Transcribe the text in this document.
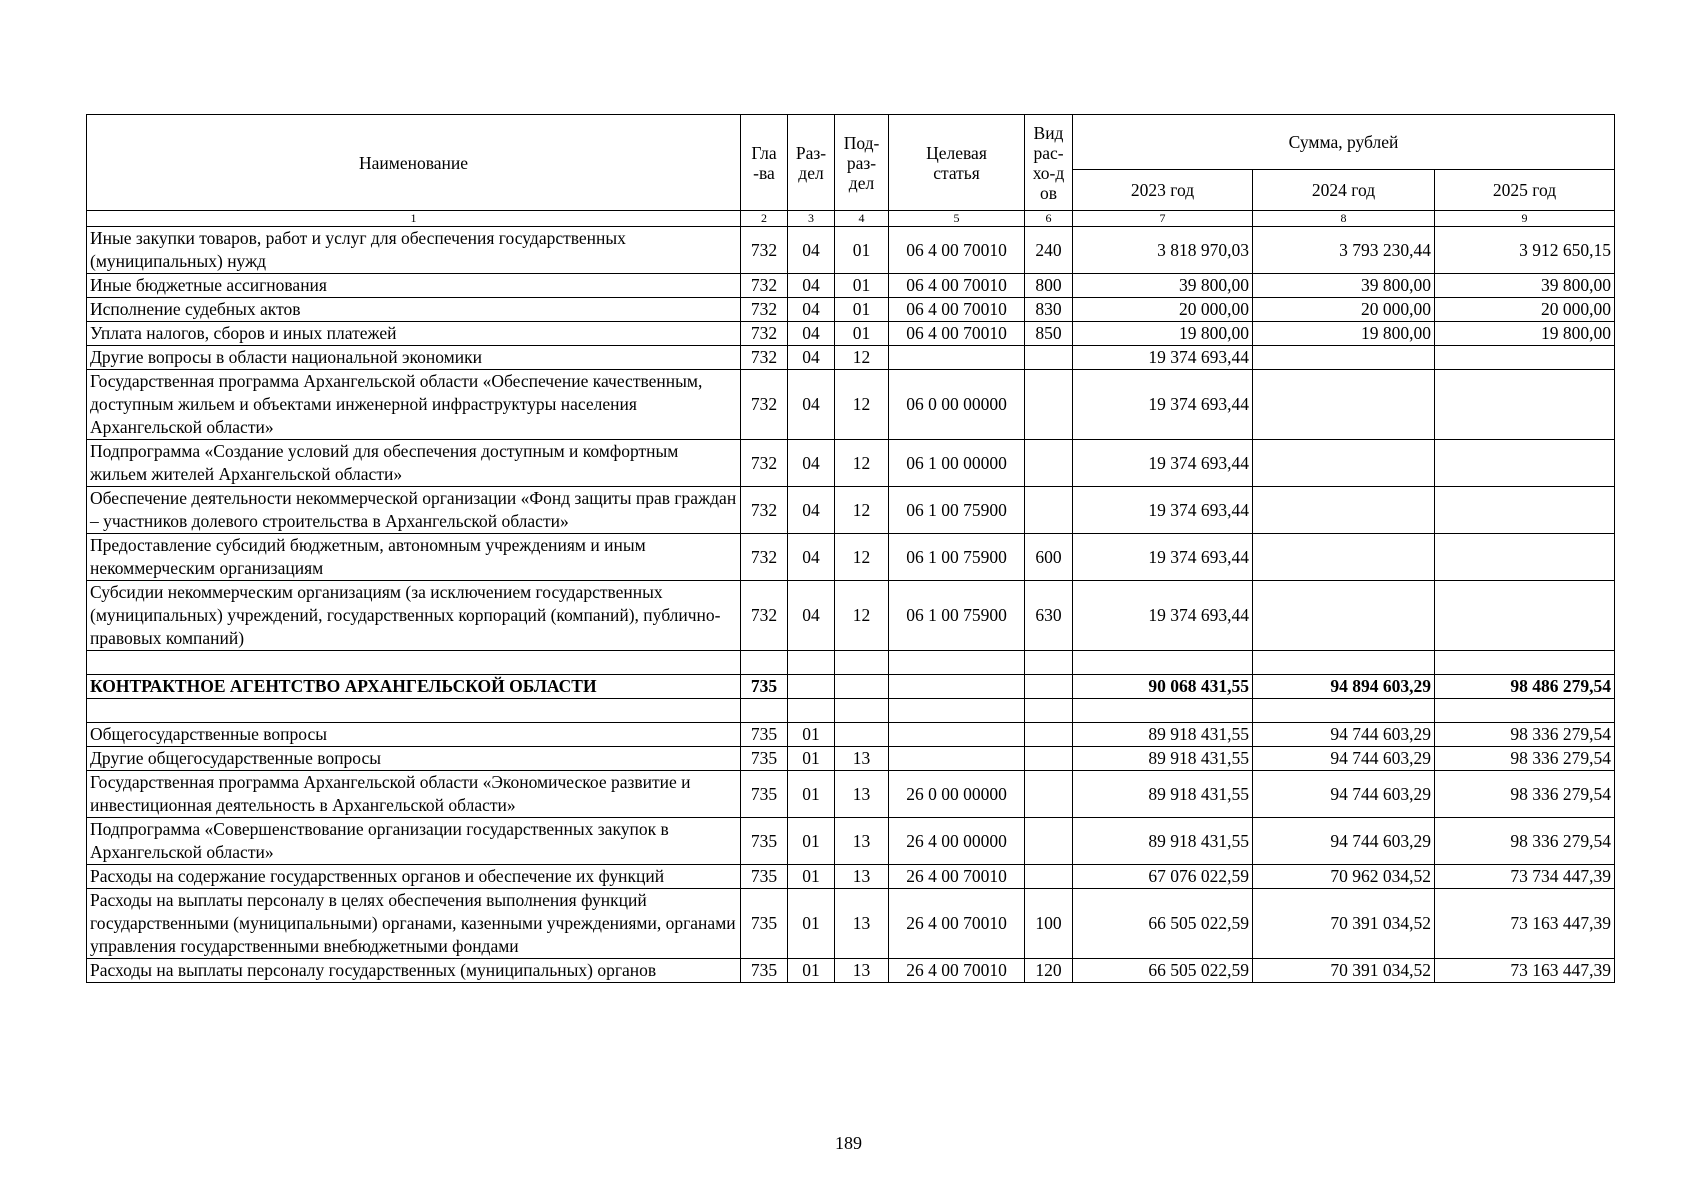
Наименование	Гла-ва	Раз-дел	Под-раз-дел	Целевая статья	Вид рас-хо-дов	Сумма, рублей		
						2023 год	2024 год	2025 год
1	2	3	4	5	6	7	8	9
Иные закупки товаров, работ и услуг для обеспечения государственных (муниципальных) нужд	732	04	01	06 4 00 70010	240	3 818 970,03	3 793 230,44	3 912 650,15
Иные бюджетные ассигнования	732	04	01	06 4 00 70010	800	39 800,00	39 800,00	39 800,00
Исполнение судебных актов	732	04	01	06 4 00 70010	830	20 000,00	20 000,00	20 000,00
Уплата налогов, сборов и иных платежей	732	04	01	06 4 00 70010	850	19 800,00	19 800,00	19 800,00
Другие вопросы в области национальной экономики	732	04	12			19 374 693,44		
Государственная программа Архангельской области «Обеспечение качественным, доступным жильем и объектами инженерной инфраструктуры населения Архангельской области»	732	04	12	06 0 00 00000		19 374 693,44		
Подпрограмма «Создание условий для обеспечения доступным и комфортным жильем жителей Архангельской области»	732	04	12	06 1 00 00000		19 374 693,44		
Обеспечение деятельности некоммерческой организации «Фонд защиты прав граждан – участников долевого строительства в Архангельской области»	732	04	12	06 1 00 75900		19 374 693,44		
Предоставление субсидий бюджетным, автономным учреждениям и иным некоммерческим организациям	732	04	12	06 1 00 75900	600	19 374 693,44		
Субсидии некоммерческим организациям (за исключением государственных (муниципальных) учреждений, государственных корпораций (компаний), публично-правовых компаний)	732	04	12	06 1 00 75900	630	19 374 693,44		

КОНТРАКТНОЕ АГЕНТСТВО АРХАНГЕЛЬСКОЙ ОБЛАСТИ	735					90 068 431,55	94 894 603,29	98 486 279,54

Общегосударственные вопросы	735	01				89 918 431,55	94 744 603,29	98 336 279,54
Другие общегосударственные вопросы	735	01	13			89 918 431,55	94 744 603,29	98 336 279,54
Государственная программа Архангельской области «Экономическое развитие и инвестиционная деятельность в Архангельской области»	735	01	13	26 0 00 00000		89 918 431,55	94 744 603,29	98 336 279,54
Подпрограмма «Совершенствование организации государственных закупок в Архангельской области»	735	01	13	26 4 00 00000		89 918 431,55	94 744 603,29	98 336 279,54
Расходы на содержание государственных органов и обеспечение их функций	735	01	13	26 4 00 70010		67 076 022,59	70 962 034,52	73 734 447,39
Расходы на выплаты персоналу в целях обеспечения выполнения функций государственными (муниципальными) органами, казенными учреждениями, органами управления государственными внебюджетными фондами	735	01	13	26 4 00 70010	100	66 505 022,59	70 391 034,52	73 163 447,39
Расходы на выплаты персоналу государственных (муниципальных) органов	735	01	13	26 4 00 70010	120	66 505 022,59	70 391 034,52	73 163 447,39
189
